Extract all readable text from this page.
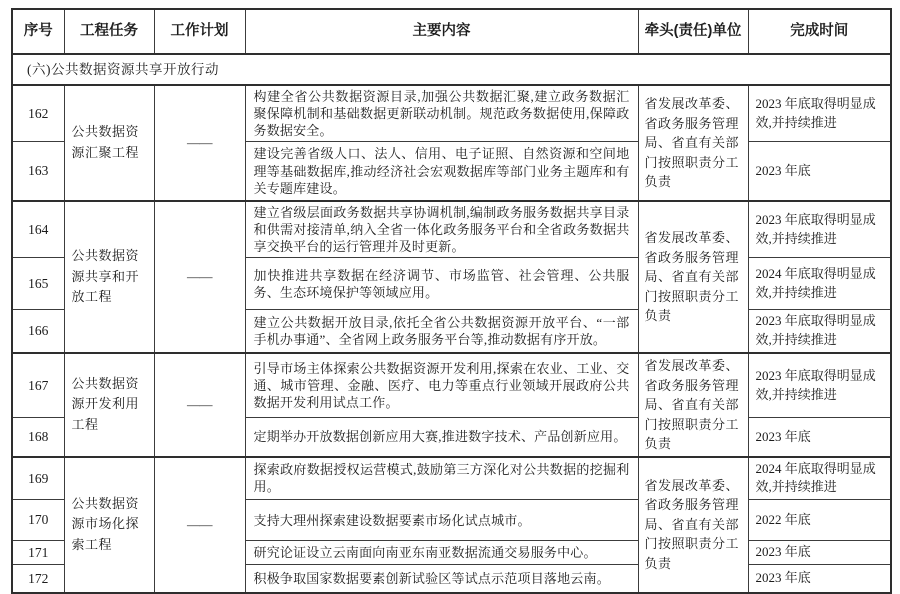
序号	工程任务	工作计划	主要内容	牵头(责任)单位	完成时间
(六)公共数据资源共享开放行动					
162	公共数据资源汇聚工程	——	构建全省公共数据资源目录,加强公共数据汇聚,建立政务数据汇聚保障机制和基础数据更新联动机制。规范政务数据使用,保障政务数据安全。	省发展改革委、省政务服务管理局、省直有关部门按照职责分工负责	2023 年底取得明显成效,并持续推进
163			建设完善省级人口、法人、信用、电子证照、自然资源和空间地理等基础数据库,推动经济社会宏观数据库等部门业务主题库和有关专题库建设。		2023 年底
164	公共数据资源共享和开放工程	——	建立省级层面政务数据共享协调机制,编制政务服务数据共享目录和供需对接清单,纳入全省一体化政务服务平台和全省政务数据共享交换平台的运行管理并及时更新。	省发展改革委、省政务服务管理局、省直有关部门按照职责分工负责	2023 年底取得明显成效,并持续推进
165			加快推进共享数据在经济调节、市场监管、社会管理、公共服务、生态环境保护等领域应用。		2024 年底取得明显成效,并持续推进
166			建立公共数据开放目录,依托全省公共数据资源开放平台、“一部手机办事通”、全省网上政务服务平台等,推动数据有序开放。		2023 年底取得明显成效,并持续推进
167	公共数据资源开发利用工程	——	引导市场主体探索公共数据资源开发利用,探索在农业、工业、交通、城市管理、金融、医疗、电力等重点行业领域开展政府公共数据开发利用试点工作。	省发展改革委、省政务服务管理局、省直有关部门按照职责分工负责	2023 年底取得明显成效,并持续推进
168			定期举办开放数据创新应用大赛,推进数字技术、产品创新应用。		2023 年底
169	公共数据资源市场化探索工程	——	探索政府数据授权运营模式,鼓励第三方深化对公共数据的挖掘利用。	省发展改革委、省政务服务管理局、省直有关部门按照职责分工负责	2024 年底取得明显成效,并持续推进
170			支持大理州探索建设数据要素市场化试点城市。		2022 年底
171			研究论证设立云南面向南亚东南亚数据流通交易服务中心。		2023 年底
172			积极争取国家数据要素创新试验区等试点示范项目落地云南。		2023 年底
